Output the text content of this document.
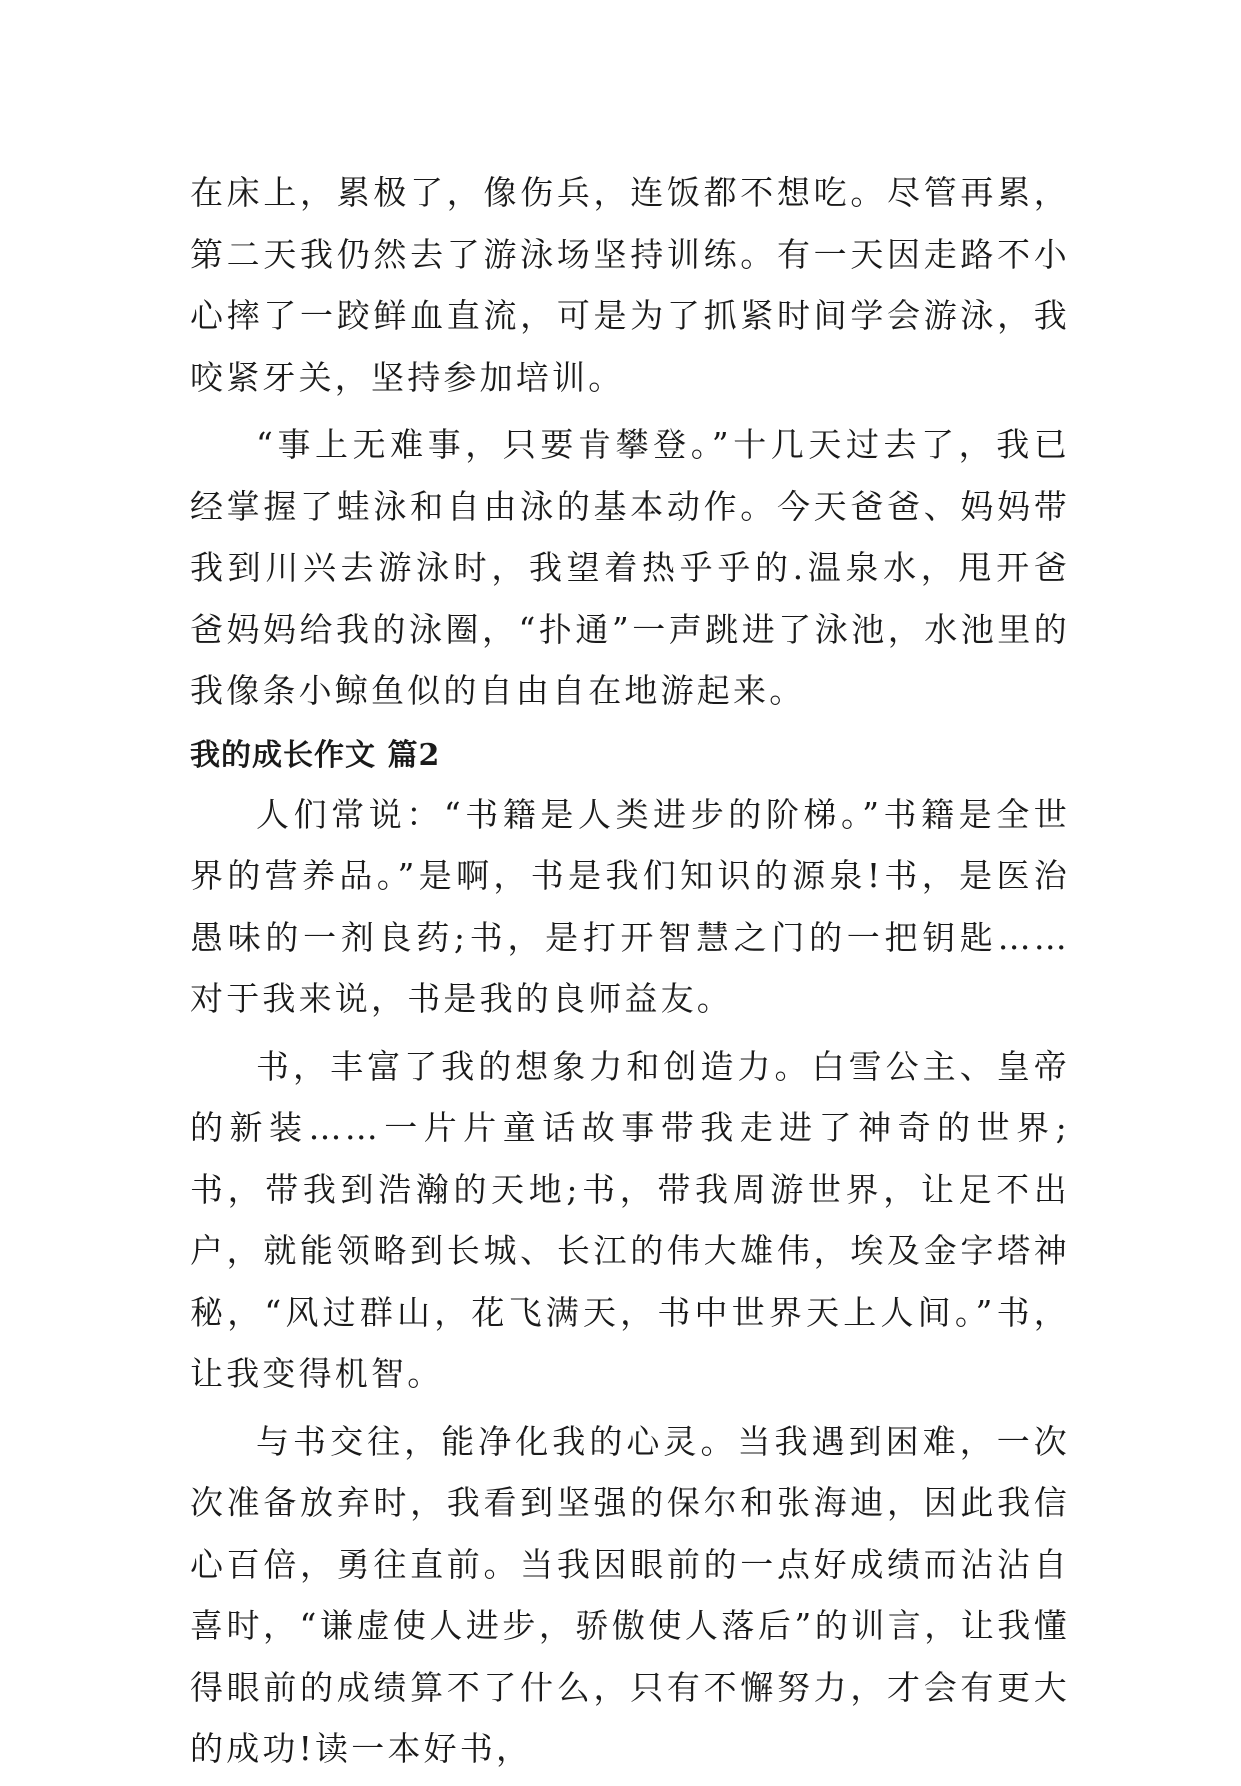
在床上，累极了，像伤兵，连饭都不想吃。尽管再累，第二天我仍然去了游泳场坚持训练。有一天因走路不小心摔了一跤鲜血直流，可是为了抓紧时间学会游泳，我咬紧牙关，坚持参加培训。

“事上无难事，只要肯攀登。”十几天过去了，我已经掌握了蛙泳和自由泳的基本动作。今天爸爸、妈妈带我到川兴去游泳时，我望着热乎乎的.温泉水，甩开爸爸妈妈给我的泳圈，“扑通”一声跳进了泳池，水池里的我像条小鲸鱼似的自由自在地游起来。

我的成长作文 篇2

人们常说：“书籍是人类进步的阶梯。”书籍是全世界的营养品。”是啊，书是我们知识的源泉!书，是医治愚味的一剂良药;书，是打开智慧之门的一把钥匙……对于我来说，书是我的良师益友。

书，丰富了我的想象力和创造力。白雪公主、皇帝的新装……一片片童话故事带我走进了神奇的世界;书，带我到浩瀚的天地;书，带我周游世界，让足不出户，就能领略到长城、长江的伟大雄伟，埃及金字塔神秘，“风过群山，花飞满天，书中世界天上人间。”书，让我变得机智。

与书交往，能净化我的心灵。当我遇到困难，一次次准备放弃时，我看到坚强的保尔和张海迪，因此我信心百倍，勇往直前。当我因眼前的一点好成绩而沾沾自喜时，“谦虚使人进步，骄傲使人落后”的训言，让我懂得眼前的成绩算不了什么，只有不懈努力，才会有更大的成功!读一本好书，
